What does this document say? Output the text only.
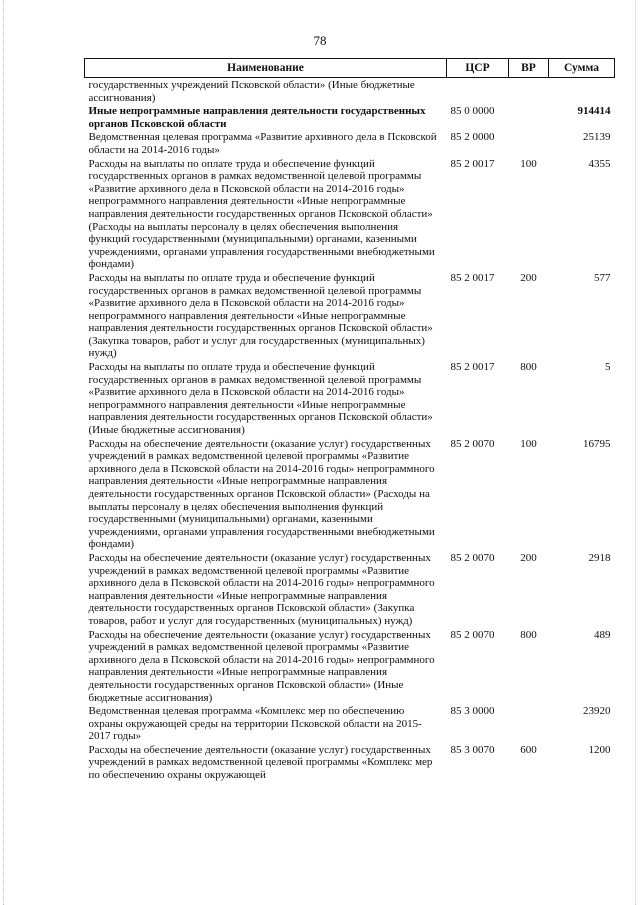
78
Наименование	ЦСР	ВР	Сумма
государственных учреждений Псковской области» (Иные бюджетные ассигнования)			
Иные непрограммные направления деятельности государственных органов Псковской области	85 0 0000		914414
Ведомственная целевая программа «Развитие архивного дела в Псковской области на 2014-2016 годы»	85 2 0000		25139
Расходы на выплаты по оплате труда и обеспечение функций государственных органов в рамках ведомственной целевой программы «Развитие архивного дела в Псковской области на 2014-2016 годы» непрограммного направления деятельности «Иные непрограммные направления деятельности государственных органов Псковской области» (Расходы на выплаты персоналу в целях обеспечения выполнения функций государственными (муниципальными) органами, казенными учреждениями, органами управления государственными внебюджетными фондами)	85 2 0017	100	4355
Расходы на выплаты по оплате труда и обеспечение функций государственных органов в рамках ведомственной целевой программы «Развитие архивного дела в Псковской области на 2014-2016 годы» непрограммного направления деятельности «Иные непрограммные направления деятельности государственных органов Псковской области» (Закупка товаров, работ и услуг для государственных (муниципальных) нужд)	85 2 0017	200	577
Расходы на выплаты по оплате труда и обеспечение функций государственных органов в рамках ведомственной целевой программы «Развитие архивного дела в Псковской области на 2014-2016 годы» непрограммного направления деятельности «Иные непрограммные направления деятельности государственных органов Псковской области» (Иные бюджетные ассигнования)	85 2 0017	800	5
Расходы на обеспечение деятельности (оказание услуг) государственных учреждений в рамках ведомственной целевой программы «Развитие архивного дела в Псковской области на 2014-2016 годы» непрограммного направления деятельности «Иные непрограммные направления деятельности государственных органов Псковской области» (Расходы на выплаты персоналу в целях обеспечения выполнения функций государственными (муниципальными) органами, казенными учреждениями, органами управления государственными внебюджетными фондами)	85 2 0070	100	16795
Расходы на обеспечение деятельности (оказание услуг) государственных учреждений в рамках ведомственной целевой программы «Развитие архивного дела в Псковской области на 2014-2016 годы» непрограммного направления деятельности «Иные непрограммные направления деятельности государственных органов Псковской области» (Закупка товаров, работ и услуг для государственных (муниципальных) нужд)	85 2 0070	200	2918
Расходы на обеспечение деятельности (оказание услуг) государственных учреждений в рамках ведомственной целевой программы «Развитие архивного дела в Псковской области на 2014-2016 годы» непрограммного направления деятельности «Иные непрограммные направления деятельности государственных органов Псковской области» (Иные бюджетные ассигнования)	85 2 0070	800	489
Ведомственная целевая программа «Комплекс мер по обеспечению охраны окружающей среды на территории Псковской области на 2015-2017 годы»	85 3 0000		23920
Расходы на обеспечение деятельности (оказание услуг) государственных учреждений в рамках ведомственной целевой программы «Комплекс мер по обеспечению охраны окружающей	85 3 0070	600	1200
